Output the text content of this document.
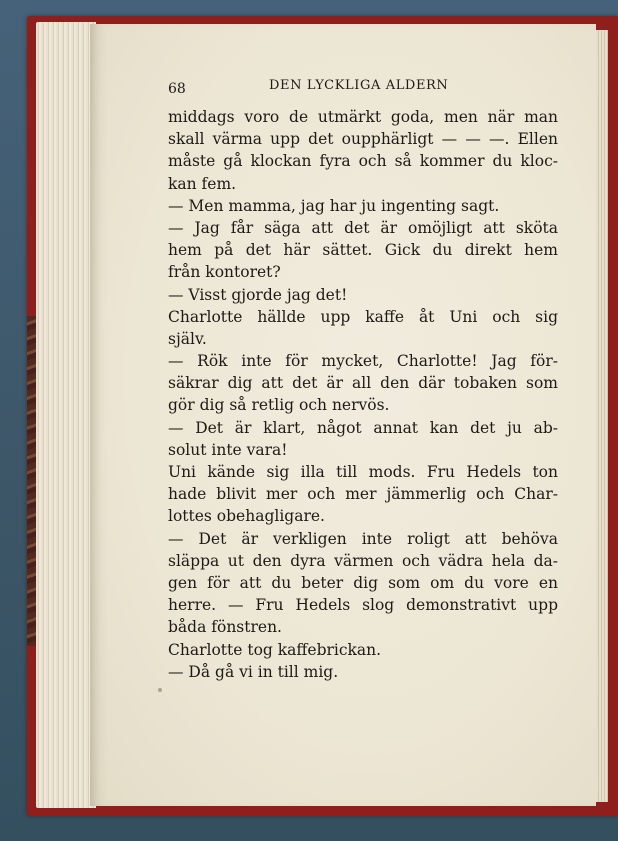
68	DEN LYCKLIGA ALDERN
middags voro de utmärkt goda, men när man
skall värma upp det oupphärligt — — —. Ellen
måste gå klockan fyra och så kommer du kloc-
kan fem.
— Men mamma, jag har ju ingenting sagt.
— Jag får säga att det är omöjligt att sköta
hem på det här sättet. Gick du direkt hem
från kontoret?
— Visst gjorde jag det!
Charlotte hällde upp kaffe åt Uni och sig
själv.
— Rök inte för mycket, Charlotte! Jag för-
säkrar dig att det är all den där tobaken som
gör dig så retlig och nervös.
— Det är klart, något annat kan det ju ab-
solut inte vara!
Uni kände sig illa till mods. Fru Hedels ton
hade blivit mer och mer jämmerlig och Char-
lottes obehagligare.
— Det är verkligen inte roligt att behöva
släppa ut den dyra värmen och vädra hela da-
gen för att du beter dig som om du vore en
herre. — Fru Hedels slog demonstrativt upp
båda fönstren.
Charlotte tog kaffebrickan.
— Då gå vi in till mig.
